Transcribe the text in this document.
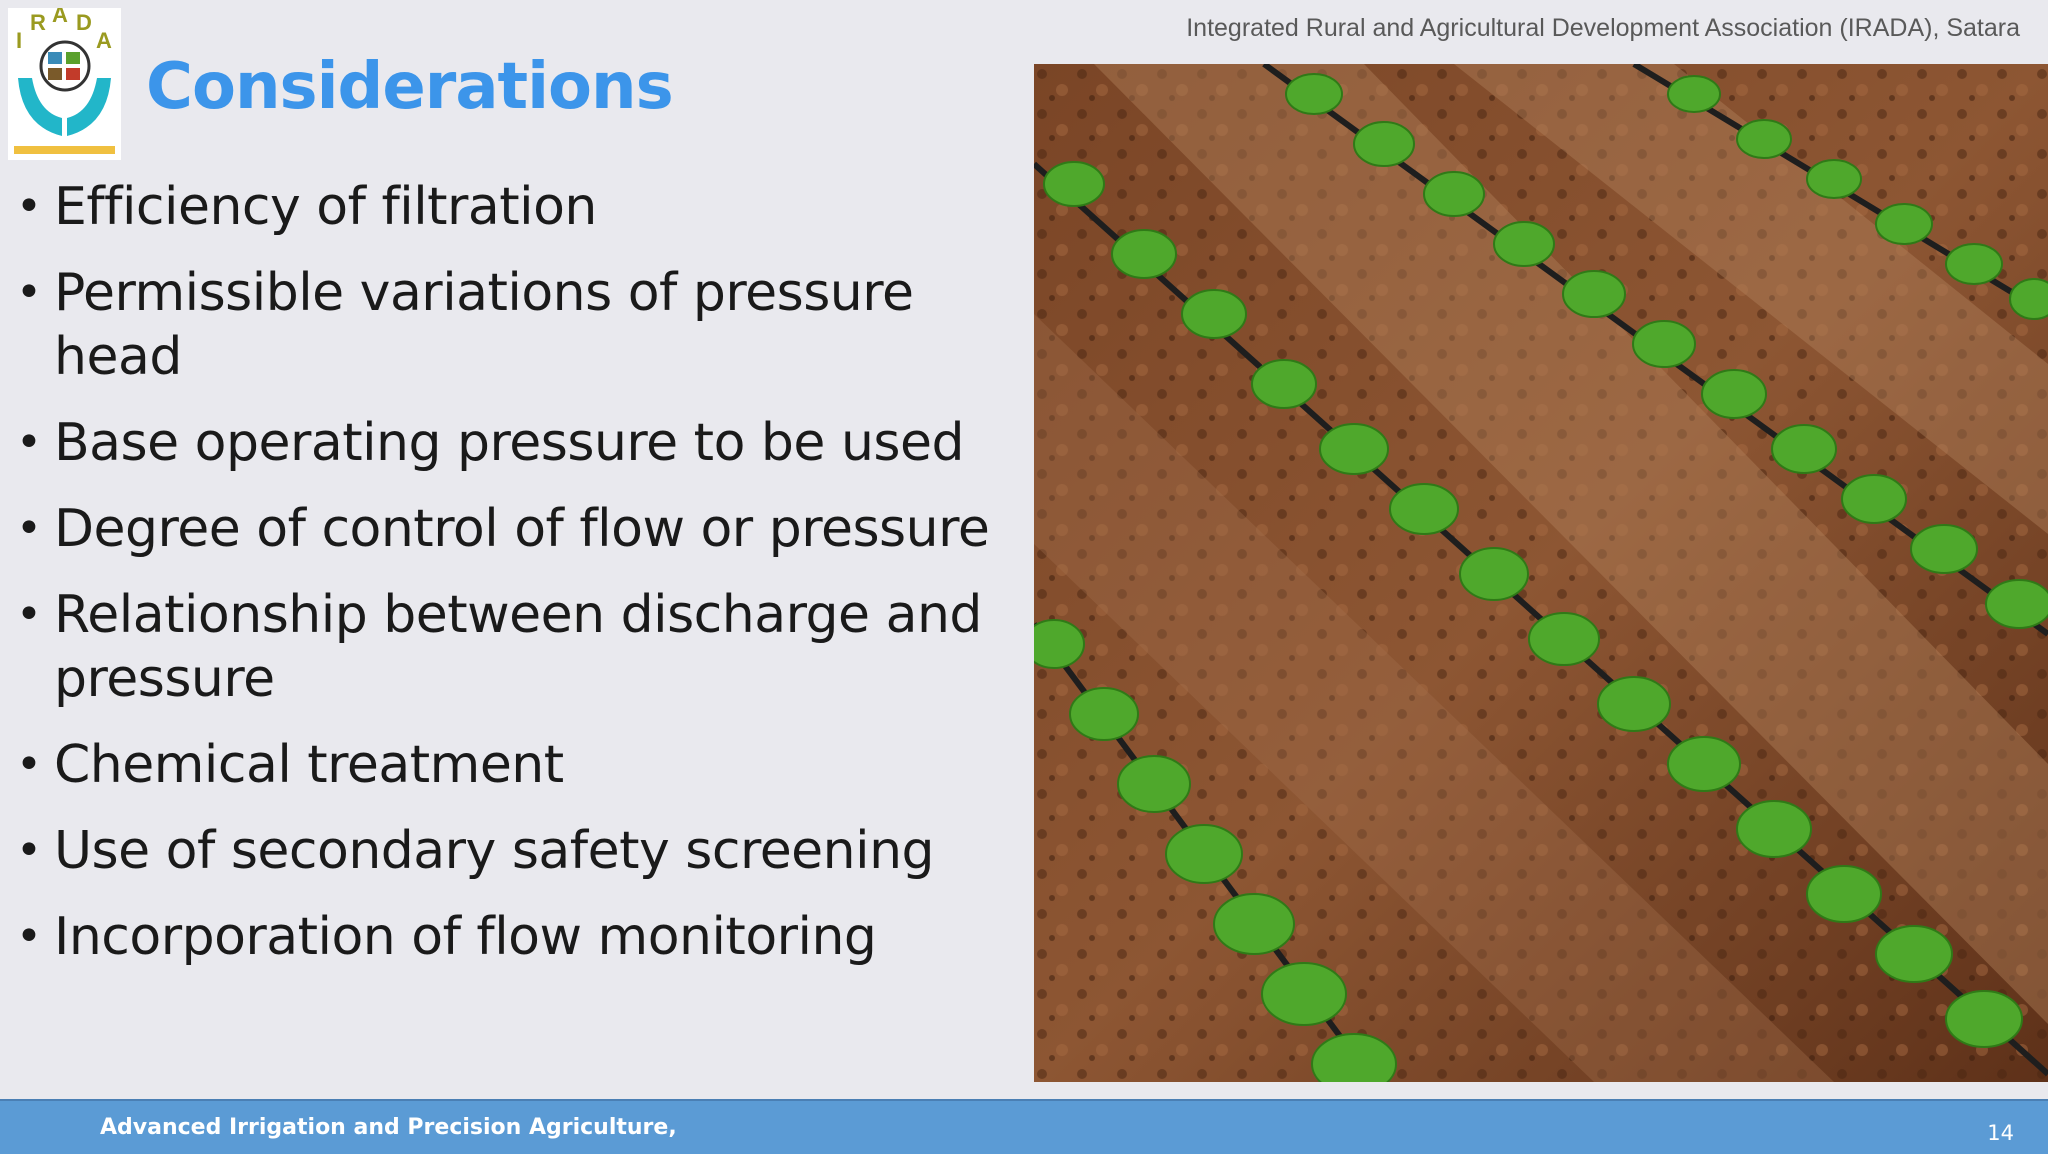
I
R A D
A	Integrated Rural and Agricultural Development Association (IRADA), Satara
Considerations
• Efficiency of filtration
• Permissible variations of pressure head
• Base operating pressure to be used
• Degree of control of flow or pressure
• Relationship between discharge and pressure
• Chemical treatment
• Use of secondary safety screening
• Incorporation of flow monitoring
Advanced Irrigation and Precision Agriculture,	14
